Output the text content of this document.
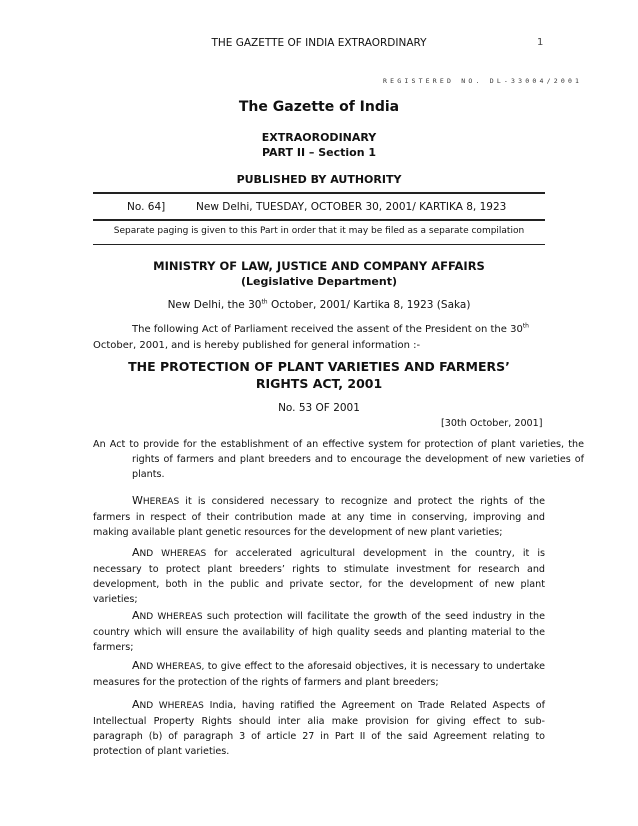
THE GAZETTE OF INDIA EXTRAORDINARY	1
REGISTERED NO. DL-33004/2001
The Gazette of India
EXTRAORODINARY
PART II – Section 1
PUBLISHED BY AUTHORITY
No. 64]	New Delhi, TUESDAY, OCTOBER 30, 2001/ KARTIKA 8, 1923
Separate paging is given to this Part in order that it may be filed as a separate compilation
MINISTRY OF LAW, JUSTICE AND COMPANY AFFAIRS
(Legislative Department)
New Delhi, the 30th October, 2001/ Kartika 8, 1923 (Saka)
The following Act of Parliament received the assent of the President on the 30th
October, 2001, and is hereby published for general information :-
THE PROTECTION OF PLANT VARIETIES AND FARMERS’
RIGHTS ACT, 2001
No. 53 OF 2001
[30th October, 2001]
An Act to provide for the establishment of an effective system for protection of plant varieties, the rights of farmers and plant breeders and to encourage the development of new varieties of plants.
WHEREAS it is considered necessary to recognize and protect the rights of the farmers in respect of their contribution made at any time in conserving, improving and making available plant genetic resources for the development of new plant varieties;
AND WHEREAS for accelerated agricultural development in the country, it is necessary to protect plant breeders’ rights to stimulate investment for research and development, both in the public and private sector, for the development of new plant varieties;
AND WHEREAS such protection will facilitate the growth of the seed industry in the country which will ensure the availability of high quality seeds and planting material to the farmers;
AND WHEREAS, to give effect to the aforesaid objectives, it is necessary to undertake measures for the protection of the rights of farmers and plant breeders;
AND WHEREAS India, having ratified the Agreement on Trade Related Aspects of Intellectual Property Rights should inter alia make provision for giving effect to sub-paragraph (b) of paragraph 3 of article 27 in Part II of the said Agreement relating to protection of plant varieties.
